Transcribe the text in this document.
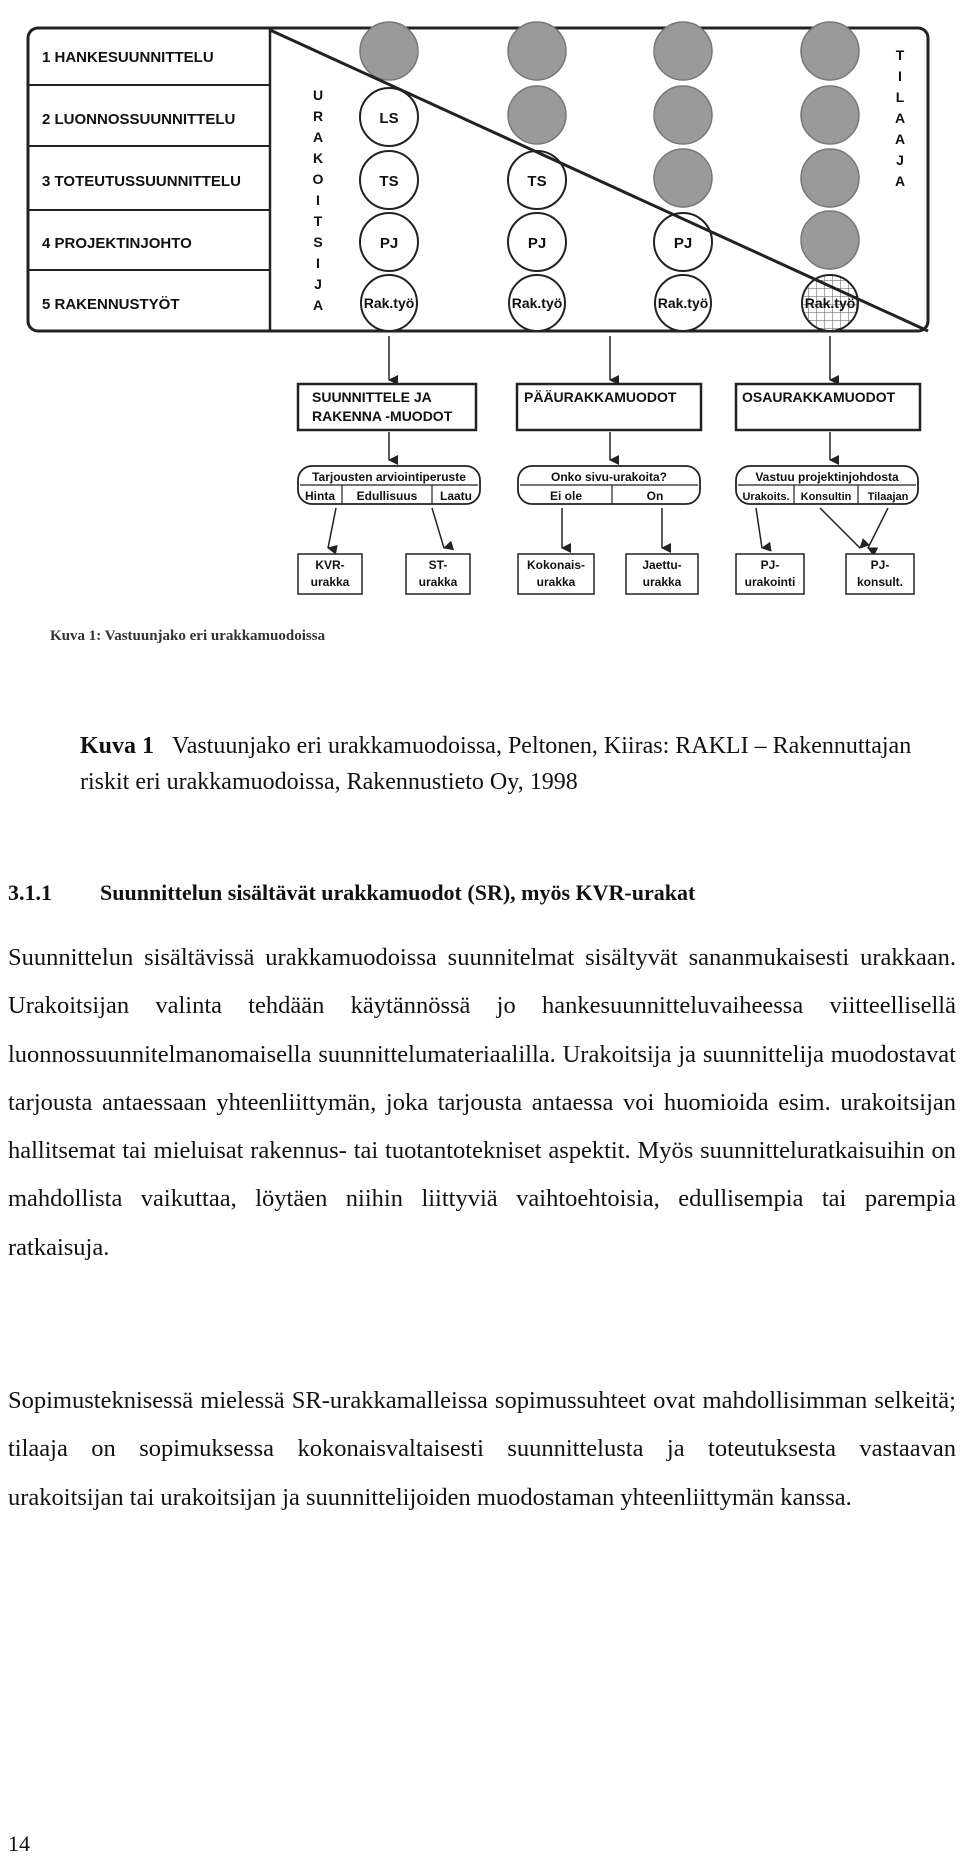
1 HANKESUUNNITTELU
2 LUONNOSSUUNNITTELU
3 TOTEUTUSSUUNNITTELU
4 PROJEKTINJOHTO
5 RAKENNUSTYÖT
LS
TS	TS
PJ	PJ	PJ
Rak.työ	Rak.työ	Rak.työ	Rak.työ
U
R
A
K
O
I
T
S
I
J
A
T
I
L
A
A
J
A
SUUNNITTELE JA
RAKENNA -MUODOT
PÄÄURAKKAMUODOT	OSAURAKKAMUODOT
Tarjousten arviointiperuste
Hinta Edullisuus Laatu
Onko sivu-urakoita?
Ei ole	On
Vastuu projektinjohdosta
Urakoits. Konsultin Tilaajan
KVR-
urakka
ST-
urakka
Kokonais-
urakka
Jaettu-
urakka
PJ-
urakointi
PJ-
konsult.
Kuva 1: Vastuunjako eri urakkamuodoissa
Kuva 1 Vastuunjako eri urakkamuodoissa, Peltonen, Kiiras: RAKLI – Rakennuttajan riskit eri urakkamuodoissa, Rakennustieto Oy, 1998
3.1.1 Suunnittelun sisältävät urakkamuodot (SR), myös KVR-urakat

Suunnittelun sisältävissä urakkamuodoissa suunnitelmat sisältyvät sananmukaisesti urakkaan. Urakoitsijan valinta tehdään käytännössä jo hankesuunnitteluvaiheessa viitteellisellä luonnossuunnitelmanomaisella suunnittelumateriaalilla. Urakoitsija ja suunnittelija muodostavat tarjousta antaessaan yhteenliittymän, joka tarjousta antaessa voi huomioida esim. urakoitsijan hallitsemat tai mieluisat rakennus- tai tuotantotekniset aspektit. Myös suunnitteluratkaisuihin on mahdollista vaikuttaa, löytäen niihin liittyviä vaihtoehtoisia, edullisempia tai parempia ratkaisuja.

Sopimusteknisessä mielessä SR-urakkamalleissa sopimussuhteet ovat mahdollisimman selkeitä; tilaaja on sopimuksessa kokonaisvaltaisesti suunnittelusta ja toteutuksesta vastaavan urakoitsijan tai urakoitsijan ja suunnittelijoiden muodostaman yhteenliittymän kanssa.

14
